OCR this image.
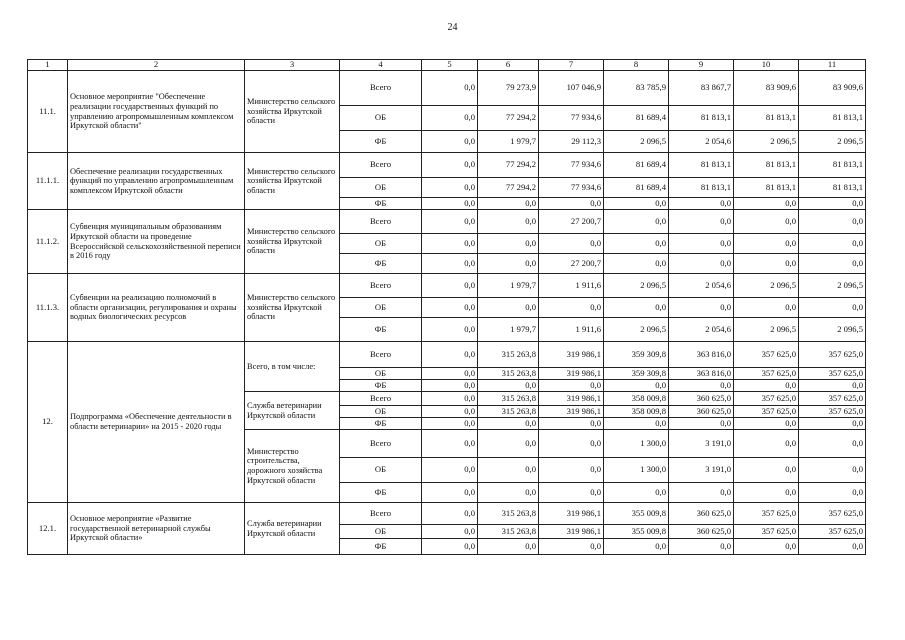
24
1	2	3	4	5	6	7	8	9	10	11
11.1.	Основное мероприятие "Обеспечение реализации государственных функций по управлению агропромышленным комплексом Иркутской области"	Министерство сельского хозяйства Иркутской области	Всего	0,0	79 273,9	107 046,9	83 785,9	83 867,7	83 909,6	83 909,6
			ОБ	0,0	77 294,2	77 934,6	81 689,4	81 813,1	81 813,1	81 813,1
			ФБ	0,0	1 979,7	29 112,3	2 096,5	2 054,6	2 096,5	2 096,5
11.1.1.	Обеспечение реализации государственных функций по управлению агропромышленным комплексом Иркутской области	Министерство сельского хозяйства Иркутской области	Всего	0,0	77 294,2	77 934,6	81 689,4	81 813,1	81 813,1	81 813,1
			ОБ	0,0	77 294,2	77 934,6	81 689,4	81 813,1	81 813,1	81 813,1
			ФБ	0,0	0,0	0,0	0,0	0,0	0,0	0,0
11.1.2.	Субвенция муниципальным образованиям Иркутской области на проведение Всероссийской сельскохозяйственной переписи в 2016 году	Министерство сельского хозяйства Иркутской области	Всего	0,0	0,0	27 200,7	0,0	0,0	0,0	0,0
			ОБ	0,0	0,0	0,0	0,0	0,0	0,0	0,0
			ФБ	0,0	0,0	27 200,7	0,0	0,0	0,0	0,0
11.1.3.	Субвенции на реализацию полномочий в области организации, регулирования и охраны водных биологических ресурсов	Министерство сельского хозяйства Иркутской области	Всего	0,0	1 979,7	1 911,6	2 096,5	2 054,6	2 096,5	2 096,5
			ОБ	0,0	0,0	0,0	0,0	0,0	0,0	0,0
			ФБ	0,0	1 979,7	1 911,6	2 096,5	2 054,6	2 096,5	2 096,5
12.	Подпрограмма «Обеспечение деятельности в области ветеринарии» на 2015 - 2020 годы	Всего, в том числе:	Всего	0,0	315 263,8	319 986,1	359 309,8	363 816,0	357 625,0	357 625,0
			ОБ	0,0	315 263,8	319 986,1	359 309,8	363 816,0	357 625,0	357 625,0
			ФБ	0,0	0,0	0,0	0,0	0,0	0,0	0,0
		Служба ветеринарии Иркутской области	Всего	0,0	315 263,8	319 986,1	358 009,8	360 625,0	357 625,0	357 625,0
			ОБ	0,0	315 263,8	319 986,1	358 009,8	360 625,0	357 625,0	357 625,0
			ФБ	0,0	0,0	0,0	0,0	0,0	0,0	0,0
		Министерство строительства, дорожного хозяйства Иркутской области	Всего	0,0	0,0	0,0	1 300,0	3 191,0	0,0	0,0
			ОБ	0,0	0,0	0,0	1 300,0	3 191,0	0,0	0,0
			ФБ	0,0	0,0	0,0	0,0	0,0	0,0	0,0
12.1.	Основное мероприятие «Развитие государственной ветеринарной службы Иркутской области»	Служба ветеринарии Иркутской области	Всего	0,0	315 263,8	319 986,1	355 009,8	360 625,0	357 625,0	357 625,0
			ОБ	0,0	315 263,8	319 986,1	355 009,8	360 625,0	357 625,0	357 625,0
			ФБ	0,0	0,0	0,0	0,0	0,0	0,0	0,0
